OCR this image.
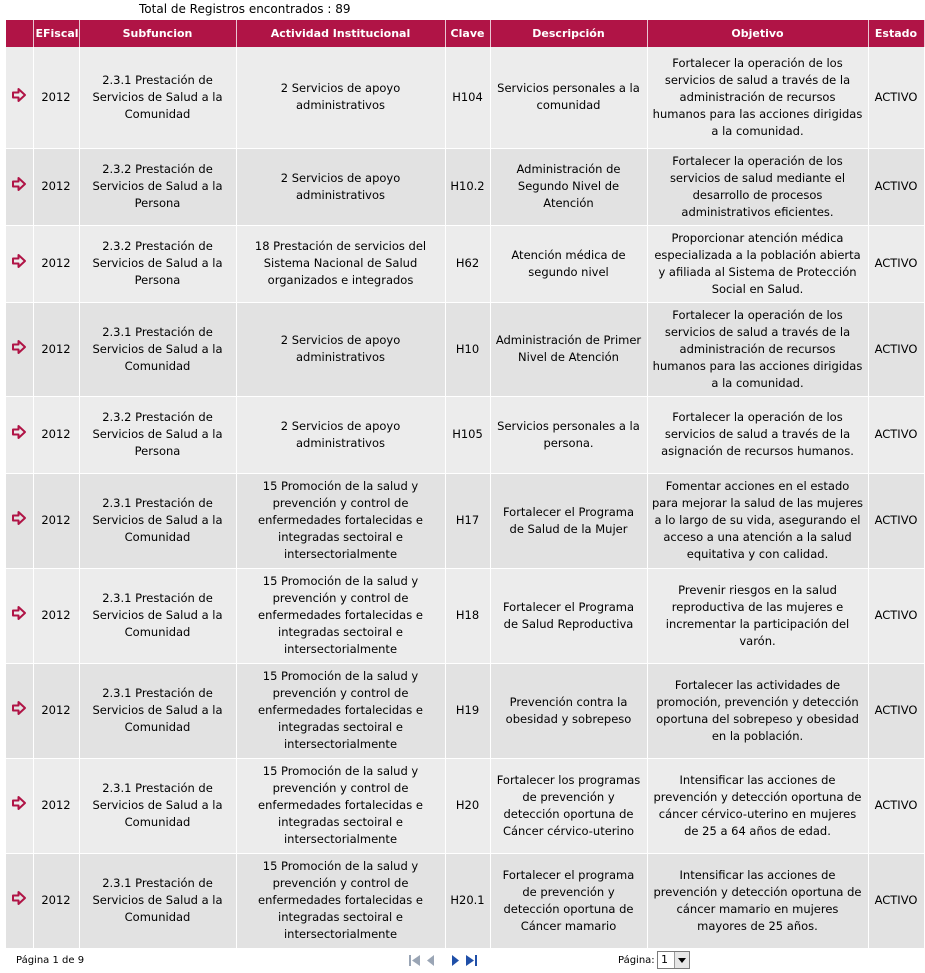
Total de Registros encontrados : 89
	EFiscal	Subfuncion	Actividad Institucional	Clave	Descripción	Objetivo	Estado
	2012	2.3.1 Prestación de Servicios de Salud a la Comunidad	2 Servicios de apoyo administrativos	H104	Servicios personales a la comunidad	Fortalecer la operación de los servicios de salud a través de la administración de recursos humanos para las acciones dirigidas a la comunidad.	ACTIVO
	2012	2.3.2 Prestación de Servicios de Salud a la Persona	2 Servicios de apoyo administrativos	H10.2	Administración de Segundo Nivel de Atención	Fortalecer la operación de los servicios de salud mediante el desarrollo de procesos administrativos eficientes.	ACTIVO
	2012	2.3.2 Prestación de Servicios de Salud a la Persona	18 Prestación de servicios del Sistema Nacional de Salud organizados e integrados	H62	Atención médica de segundo nivel	Proporcionar atención médica especializada a la población abierta y afiliada al Sistema de Protección Social en Salud.	ACTIVO
	2012	2.3.1 Prestación de Servicios de Salud a la Comunidad	2 Servicios de apoyo administrativos	H10	Administración de Primer Nivel de Atención	Fortalecer la operación de los servicios de salud a través de la administración de recursos humanos para las acciones dirigidas a la comunidad.	ACTIVO
	2012	2.3.2 Prestación de Servicios de Salud a la Persona	2 Servicios de apoyo administrativos	H105	Servicios personales a la persona.	Fortalecer la operación de los servicios de salud a través de la asignación de recursos humanos.	ACTIVO
	2012	2.3.1 Prestación de Servicios de Salud a la Comunidad	15 Promoción de la salud y prevención y control de enfermedades fortalecidas e integradas sectoiral e intersectorialmente	H17	Fortalecer el Programa de Salud de la Mujer	Fomentar acciones en el estado para mejorar la salud de las mujeres a lo largo de su vida, asegurando el acceso a una atención a la salud equitativa y con calidad.	ACTIVO
	2012	2.3.1 Prestación de Servicios de Salud a la Comunidad	15 Promoción de la salud y prevención y control de enfermedades fortalecidas e integradas sectoiral e intersectorialmente	H18	Fortalecer el Programa de Salud Reproductiva	Prevenir riesgos en la salud reproductiva de las mujeres e incrementar la participación del varón.	ACTIVO
	2012	2.3.1 Prestación de Servicios de Salud a la Comunidad	15 Promoción de la salud y prevención y control de enfermedades fortalecidas e integradas sectoiral e intersectorialmente	H19	Prevención contra la obesidad y sobrepeso	Fortalecer las actividades de promoción, prevención y detección oportuna del sobrepeso y obesidad en la población.	ACTIVO
	2012	2.3.1 Prestación de Servicios de Salud a la Comunidad	15 Promoción de la salud y prevención y control de enfermedades fortalecidas e integradas sectoiral e intersectorialmente	H20	Fortalecer los programas de prevención y detección oportuna de Cáncer cérvico-uterino	Intensificar las acciones de prevención y detección oportuna de cáncer cérvico-uterino en mujeres de 25 a 64 años de edad.	ACTIVO
	2012	2.3.1 Prestación de Servicios de Salud a la Comunidad	15 Promoción de la salud y prevención y control de enfermedades fortalecidas e integradas sectoiral e intersectorialmente	H20.1	Fortalecer el programa de prevención y detección oportuna de Cáncer mamario	Intensificar las acciones de prevención y detección oportuna de cáncer mamario en mujeres mayores de 25 años.	ACTIVO
Página 1 de 9	Página: 1
